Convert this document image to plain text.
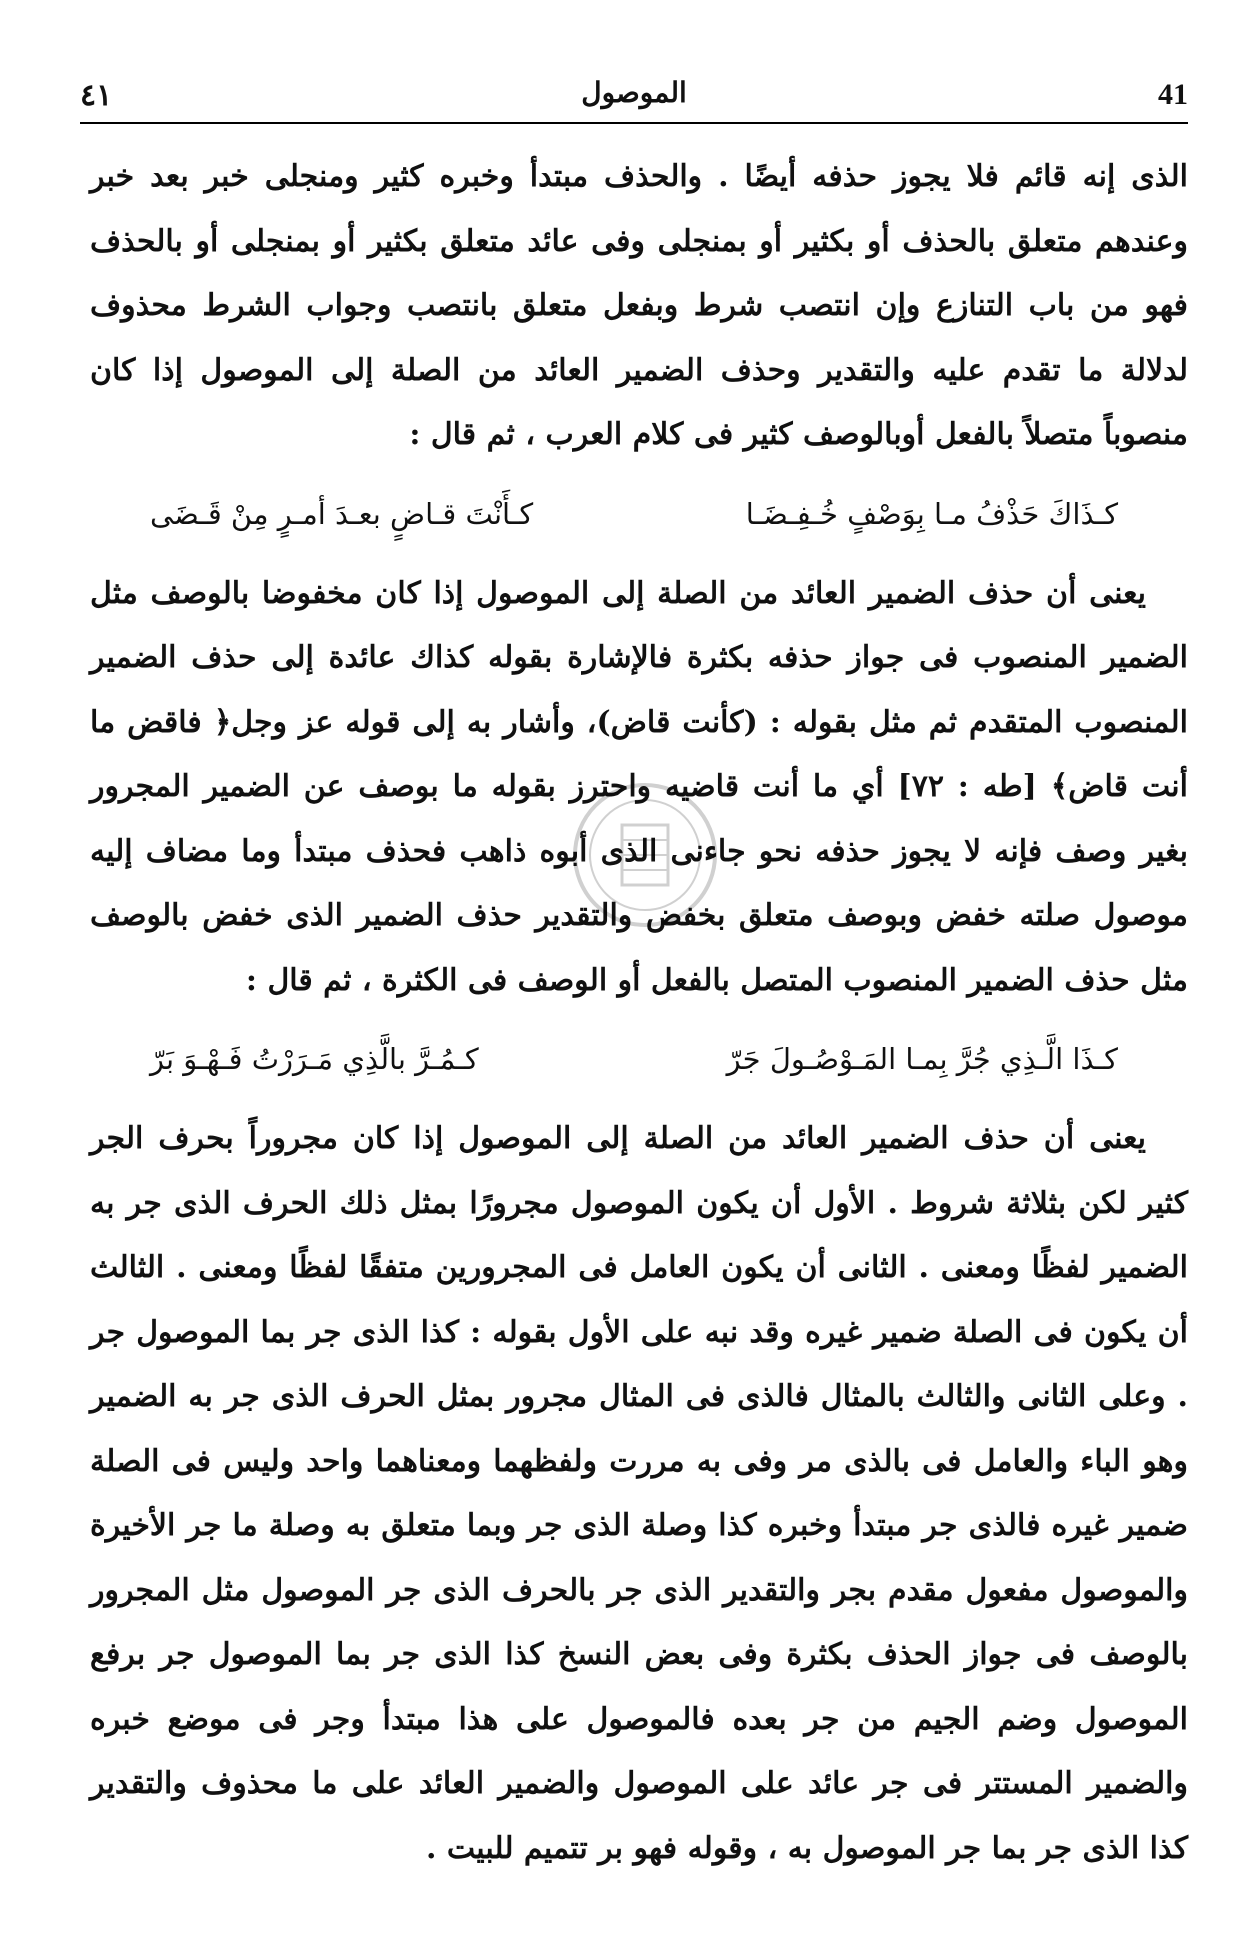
41
الموصول
٤١

الذى إنه قائم فلا يجوز حذفه أيضًا . والحذف مبتدأ وخبره كثير ومنجلى خبر بعد خبر وعندهم متعلق بالحذف أو بكثير أو بمنجلى وفى عائد متعلق بكثير أو بمنجلى أو بالحذف فهو من باب التنازع وإن انتصب شرط وبفعل متعلق بانتصب وجواب الشرط محذوف لدلالة ما تقدم عليه والتقدير وحذف الضمير العائد من الصلة إلى الموصول إذا كان منصوباً متصلاً بالفعل أوبالوصف كثير فى كلام العرب ، ثم قال :

كـذَاكَ حَذْفُ مـا بِوَصْفٍ خُـفِـضَـا
كـأَنْتَ قـاضٍ بعـدَ أمـرٍ مِنْ قَـضَى

يعنى أن حذف الضمير العائد من الصلة إلى الموصول إذا كان مخفوضا بالوصف مثل الضمير المنصوب فى جواز حذفه بكثرة فالإشارة بقوله كذاك عائدة إلى حذف الضمير المنصوب المتقدم ثم مثل بقوله : (كأنت قاض)، وأشار به إلى قوله عز وجل﴿ فاقض ما أنت قاض﴾ [طه : ٧٢] أي ما أنت قاضيه واحترز بقوله ما بوصف عن الضمير المجرور بغير وصف فإنه لا يجوز حذفه نحو جاءنى الذى أبوه ذاهب فحذف مبتدأ وما مضاف إليه موصول صلته خفض وبوصف متعلق بخفض والتقدير حذف الضمير الذى خفض بالوصف مثل حذف الضمير المنصوب المتصل بالفعل أو الوصف فى الكثرة ، ثم قال :

كـذَا الَّـذِي جُرَّ بِمـا المَـوْصُـولَ جَرّ
كـمُـرَّ بالَّذِي مَـرَرْتُ فَـهْـوَ بَرّ

يعنى أن حذف الضمير العائد من الصلة إلى الموصول إذا كان مجروراً بحرف الجر كثير لكن بثلاثة شروط . الأول أن يكون الموصول مجرورًا بمثل ذلك الحرف الذى جر به الضمير لفظًا ومعنى . الثانى أن يكون العامل فى المجرورين متفقًا لفظًا ومعنى . الثالث أن يكون فى الصلة ضمير غيره وقد نبه على الأول بقوله : كذا الذى جر بما الموصول جر . وعلى الثانى والثالث بالمثال فالذى فى المثال مجرور بمثل الحرف الذى جر به الضمير وهو الباء والعامل فى بالذى مر وفى به مررت ولفظهما ومعناهما واحد وليس فى الصلة ضمير غيره فالذى جر مبتدأ وخبره كذا وصلة الذى جر وبما متعلق به وصلة ما جر الأخيرة والموصول مفعول مقدم بجر والتقدير الذى جر بالحرف الذى جر الموصول مثل المجرور بالوصف فى جواز الحذف بكثرة وفى بعض النسخ كذا الذى جر بما الموصول جر برفع الموصول وضم الجيم من جر بعده فالموصول على هذا مبتدأ وجر فى موضع خبره والضمير المستتر فى جر عائد على الموصول والضمير العائد على ما محذوف والتقدير كذا الذى جر بما جر الموصول به ، وقوله فهو بر تتميم للبيت .
